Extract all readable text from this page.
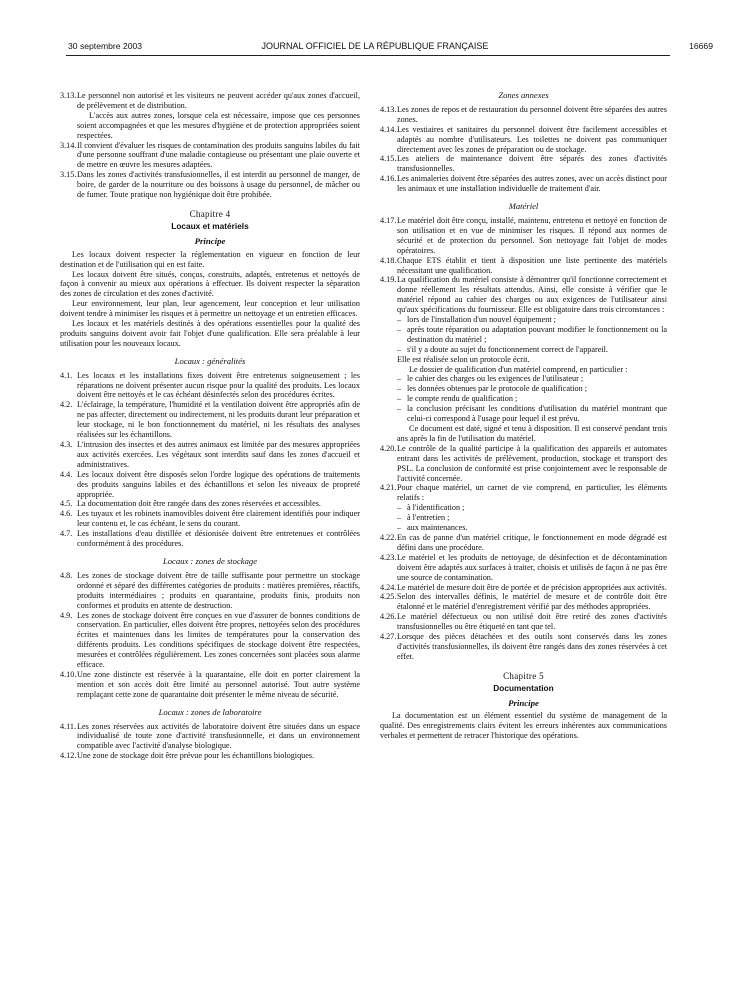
30 septembre 2003	JOURNAL OFFICIEL DE LA RÉPUBLIQUE FRANÇAISE	16669
3.13. Le personnel non autorisé et les visiteurs ne peuvent accéder qu'aux zones d'accueil, de prélèvement et de distribution.
L'accès aux autres zones, lorsque cela est nécessaire, impose que ces personnes soient accompagnées et que les mesures d'hygiène et de protection appropriées soient respectées.
3.14. Il convient d'évaluer les risques de contamination des produits sanguins labiles du fait d'une personne souffrant d'une maladie contagieuse ou présentant une plaie ouverte et de mettre en œuvre les mesures adaptées.
3.15. Dans les zones d'activités transfusionnelles, il est interdit au personnel de manger, de boire, de garder de la nourriture ou des boissons à usage du personnel, de mâcher ou de fumer. Toute pratique non hygiénique doit être prohibée.
Chapitre 4
Locaux et matériels
Principe
Les locaux doivent respecter la réglementation en vigueur en fonction de leur destination et de l'utilisation qui en est faite.
Les locaux doivent être situés, conçus, construits, adaptés, entretenus et nettoyés de façon à convenir au mieux aux opérations à effectuer. Ils doivent respecter la séparation des zones de circulation et des zones d'activité.
Leur environnement, leur plan, leur agencement, leur conception et leur utilisation doivent tendre à minimiser les risques et à permettre un nettoyage et un entretien efficaces.
Les locaux et les matériels destinés à des opérations essentielles pour la qualité des produits sanguins doivent avoir fait l'objet d'une qualification. Elle sera préalable à leur utilisation pour les nouveaux locaux.
Locaux : généralités
4.1. Les locaux et les installations fixes doivent être entretenus soigneusement ; les réparations ne doivent présenter aucun risque pour la qualité des produits. Les locaux doivent être nettoyés et le cas échéant désinfectés selon des procédures écrites.
4.2. L'éclairage, la température, l'humidité et la ventilation doivent être appropriés afin de ne pas affecter, directement ou indirectement, ni les produits durant leur préparation et leur stockage, ni le bon fonctionnement du matériel, ni les résultats des analyses réalisées sur les échantillons.
4.3. L'intrusion des insectes et des autres animaux est limitée par des mesures appropriées aux activités exercées. Les végétaux sont interdits sauf dans les zones d'accueil et administratives.
4.4. Les locaux doivent être disposés selon l'ordre logique des opérations de traitements des produits sanguins labiles et des échantillons et selon les niveaux de propreté appropriée.
4.5. La documentation doit être rangée dans des zones réservées et accessibles.
4.6. Les tuyaux et les robinets inamovibles doivent être clairement identifiés pour indiquer leur contenu et, le cas échéant, le sens du courant.
4.7. Les installations d'eau distillée et désionisée doivent être entretenues et contrôlées conformément à des procédures.
Locaux : zones de stockage
4.8. Les zones de stockage doivent être de taille suffisante pour permettre un stockage ordonné et séparé des différentes catégories de produits : matières premières, réactifs, produits intermédiaires ; produits en quarantaine, produits finis, produits non conformes et produits en attente de destruction.
4.9. Les zones de stockage doivent être conçues en vue d'assurer de bonnes conditions de conservation. En particulier, elles doivent être propres, nettoyées selon des procédures écrites et maintenues dans les limites de températures pour la conservation des différents produits. Les conditions spécifiques de stockage doivent être respectées, mesurées et contrôlées régulièrement. Les zones concernées sont placées sous alarme efficace.
4.10. Une zone distincte est réservée à la quarantaine, elle doit en porter clairement la mention et son accès doit être limité au personnel autorisé. Tout autre système remplaçant cette zone de quarantaine doit présenter le même niveau de sécurité.
Locaux : zones de laboratoire
4.11. Les zones réservées aux activités de laboratoire doivent être situées dans un espace individualisé de toute zone d'activité transfusionnelle, et dans un environnement compatible avec l'activité d'analyse biologique.
4.12. Une zone de stockage doit être prévue pour les échantillons biologiques.
Zones annexes
4.13. Les zones de repos et de restauration du personnel doivent être séparées des autres zones.
4.14. Les vestiaires et sanitaires du personnel doivent être facilement accessibles et adaptés au nombre d'utilisateurs. Les toilettes ne doivent pas communiquer directement avec les zones de préparation ou de stockage.
4.15. Les ateliers de maintenance doivent être séparés des zones d'activités transfusionnelles.
4.16. Les animaleries doivent être séparées des autres zones, avec un accès distinct pour les animaux et une installation individuelle de traitement d'air.
Matériel
4.17. Le matériel doit être conçu, installé, maintenu, entretenu et nettoyé en fonction de son utilisation et en vue de minimiser les risques. Il répond aux normes de sécurité et de protection du personnel. Son nettoyage fait l'objet de modes opératoires.
4.18. Chaque ETS établit et tient à disposition une liste pertinente des matériels nécessitant une qualification.
4.19. La qualification du matériel consiste à démontrer qu'il fonctionne correctement et donne réellement les résultats attendus. Ainsi, elle consiste à vérifier que le matériel répond au cahier des charges ou aux exigences de l'utilisateur ainsi qu'aux spécifications du fournisseur. Elle est obligatoire dans trois circonstances :
– lors de l'installation d'un nouvel équipement ;
– après toute réparation ou adaptation pouvant modifier le fonctionnement ou la destination du matériel ;
– s'il y a doute au sujet du fonctionnement correct de l'appareil.
Elle est réalisée selon un protocole écrit.
Le dossier de qualification d'un matériel comprend, en particulier :
– le cahier des charges ou les exigences de l'utilisateur ;
– les données obtenues par le protocole de qualification ;
– le compte rendu de qualification ;
– la conclusion précisant les conditions d'utilisation du matériel montrant que celui-ci correspond à l'usage pour lequel il est prévu.
Ce document est daté, signé et tenu à disposition. Il est conservé pendant trois ans après la fin de l'utilisation du matériel.
4.20. Le contrôle de la qualité participe à la qualification des appareils et automates entrant dans les activités de prélèvement, production, stockage et transport des PSL. La conclusion de conformité est prise conjointement avec le responsable de l'activité concernée.
4.21. Pour chaque matériel, un carnet de vie comprend, en particulier, les éléments relatifs :
– à l'identification ;
– à l'entretien ;
– aux maintenances.
4.22. En cas de panne d'un matériel critique, le fonctionnement en mode dégradé est défini dans une procédure.
4.23. Le matériel et les produits de nettoyage, de désinfection et de décontamination doivent être adaptés aux surfaces à traiter, choisis et utilisés de façon à ne pas être une source de contamination.
4.24. Le matériel de mesure doit être de portée et de précision appropriées aux activités.
4.25. Selon des intervalles définis, le matériel de mesure et de contrôle doit être étalonné et le matériel d'enregistrement vérifié par des méthodes appropriées.
4.26. Le matériel défectueux ou non utilisé doit être retiré des zones d'activités transfusionnelles ou être étiqueté en tant que tel.
4.27. Lorsque des pièces détachées et des outils sont conservés dans les zones d'activités transfusionnelles, ils doivent être rangés dans des zones réservées à cet effet.
Chapitre 5
Documentation
Principe
La documentation est un élément essentiel du système de management de la qualité. Des enregistrements clairs évitent les erreurs inhérentes aux communications verbales et permettent de retracer l'historique des opérations.
